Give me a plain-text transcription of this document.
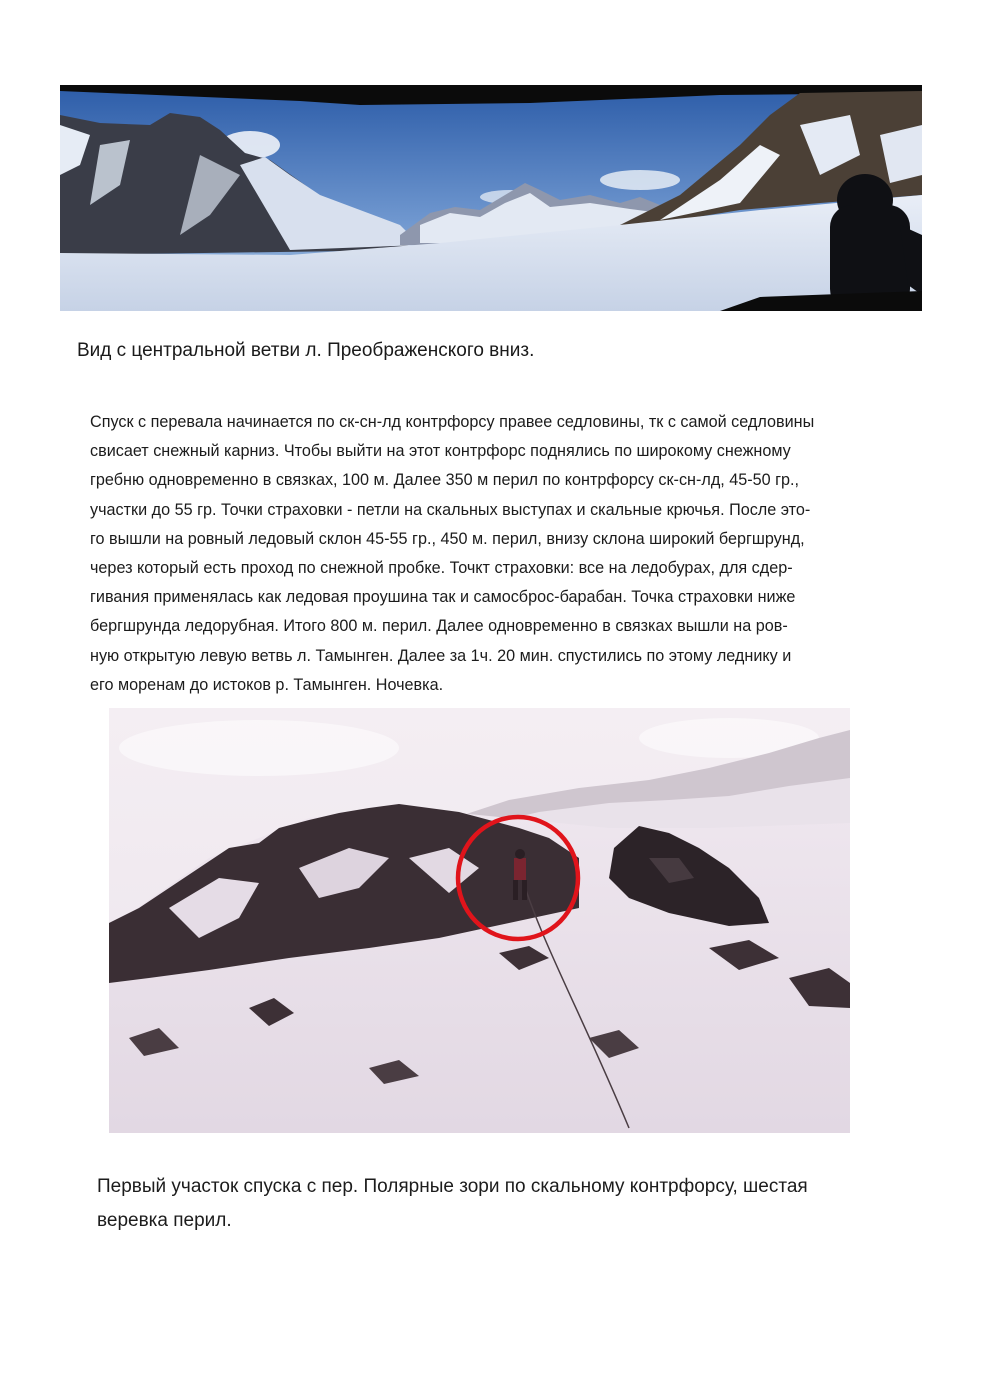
Вид с центральной ветви л. Преображенского вниз.

Спуск с перевала начинается по ск-сн-лд контрфорсу правее седловины, тк с самой седловины
свисает снежный карниз. Чтобы выйти на этот контрфорс поднялись по широкому снежному
гребню одновременно в связках, 100 м. Далее 350 м перил по контрфорсу ск-сн-лд, 45-50 гр.,
участки до 55 гр. Точки страховки - петли на скальных выступах и скальные крючья. После это-
го вышли на ровный ледовый склон 45-55 гр., 450 м. перил, внизу склона широкий бергшрунд,
через который есть проход по снежной пробке. Точкт страховки: все на ледобурах, для сдер-
гивания применялась как ледовая проушина так и самосброс-барабан. Точка страховки ниже
бергшрунда ледорубная. Итого 800 м. перил. Далее одновременно в связках вышли на ров-
ную открытую левую ветвь л. Тамынген. Далее за 1ч. 20 мин. спустились по этому леднику и
его моренам до истоков р. Тамынген. Ночевка.
Первый участок спуска с пер. Полярные зори по скальному контрфорсу, шестая
веревка перил.
